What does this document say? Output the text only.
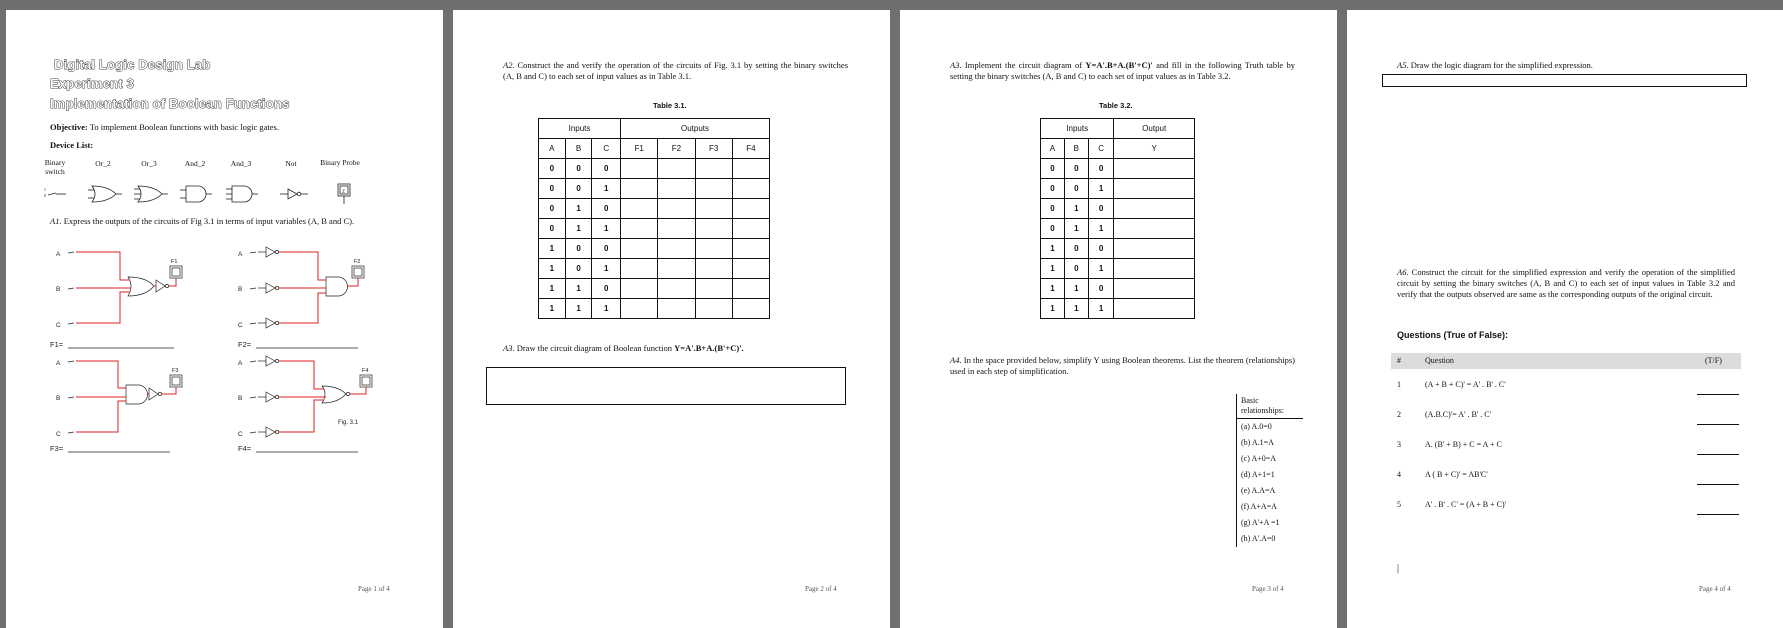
Digital Logic Design Lab
Experiment 3
Implementation of Boolean Functions
Objective: To implement Boolean functions with basic logic gates.
Device List:
Binary switch
Or_2	Or_3	And_2	And_3	Not	Binary Probe
1
0
Z
A1. Express the outputs of the circuits of Fig 3.1 in terms of input variables (A, B and C).
A
B
C
F1
A
B
C
F2
F1=	F2=
A
B
C
F3
A
B
C
F4
Fig. 3.1
F3=	F4=
Page 1 of 4
A2. Construct the and verify the operation of the circuits of Fig. 3.1 by setting the binary switches (A, B and C) to each set of input values as in Table 3.1.
Table 3.1.
Inputs			Outputs			
A	B	C	F1	F2	F3	F4
0	0	0				
0	0	1				
0	1	0				
0	1	1				
1	0	0				
1	0	1				
1	1	0				
1	1	1				
A3. Draw the circuit diagram of Boolean function Y=A'.B+A.(B'+C)'.
Page 2 of 4
A3. Implement the circuit diagram of Y=A'.B+A.(B'+C)' and fill in the following Truth table by setting the binary switches (A, B and C) to each set of input values as in Table 3.2.
Table 3.2.
Inputs			Output
A	B	C	Y
0	0	0	
0	0	1	
0	1	0	
0	1	1	
1	0	0	
1	0	1	
1	1	0	
1	1	1	
A4. In the space provided below, simplify Y using Boolean theorems. List the theorem (relationships) used in each step of simplification.
Basic relationships:
(a) A.0=0
(b) A.1=A
(c) A+0=A
(d) A+1=1
(e) A.A=A
(f) A+A=A
(g) A'+A =1
(h) A'.A=0
Page 3 of 4
A5. Draw the logic diagram for the simplified expression.
A6. Construct the circuit for the simplified expression and verify the operation of the simplified circuit by setting the binary switches (A, B and C) to each set of input values in Table 3.2 and verify that the outputs observed are same as the corresponding outputs of the original circuit.
Questions (True of False):
#	Question	(T/F)
1	(A + B + C)' = A' . B' . C'
2	(A.B.C)'= A' . B' . C'
3	A. (B' + B) + C = A + C
4	A ( B + C)' = AB'C'
5	A' . B' . C' = (A + B + C)'
|
Page 4 of 4
